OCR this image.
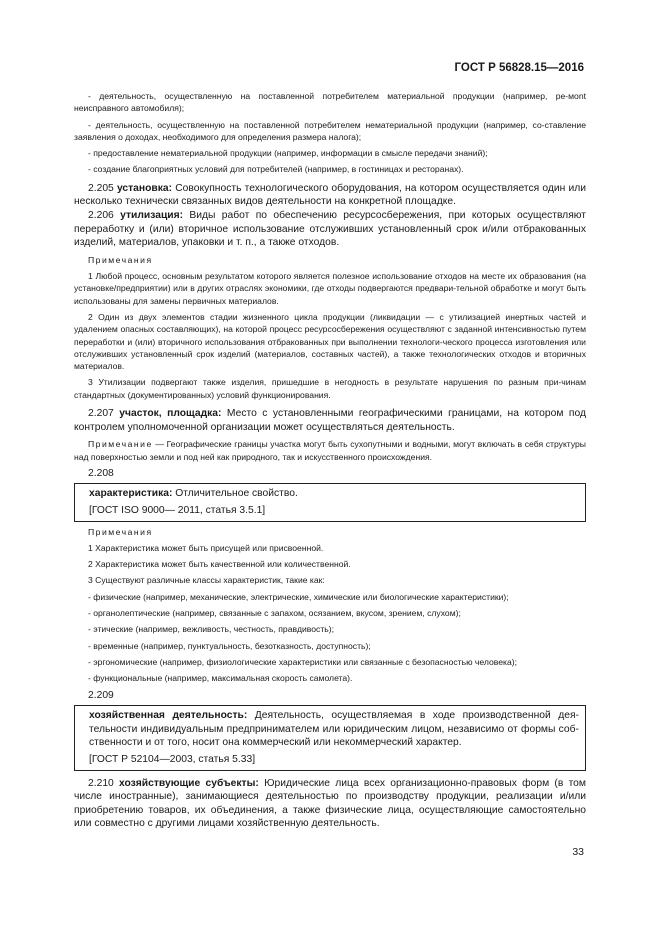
ГОСТ Р 56828.15—2016

- деятельность, осуществленную на поставленной потребителем материальной продукции (например, ре-мont неисправного автомобиля);

- деятельность, осуществленную на поставленной потребителем нематериальной продукции (например, со-ставление заявления о доходах, необходимого для определения размера налога);

- предоставление нематериальной продукции (например, информации в смысле передачи знаний);

- создание благоприятных условий для потребителей (например, в гостиницах и ресторанах).

2.205 установка: Совокупность технологического оборудования, на котором осуществляется один или несколько технически связанных видов деятельности на конкретной площадке.

2.206 утилизация: Виды работ по обеспечению ресурсосбережения, при которых осуществляют переработку и (или) вторичное использование отслуживших установленный срок и/или отбракованных изделий, материалов, упаковки и т. п., а также отходов.

Примечания

1 Любой процесс, основным результатом которого является полезное использование отходов на месте их образования (на установке/предприятии) или в других отраслях экономики, где отходы подвергаются предвари-тельной обработке и могут быть использованы для замены первичных материалов.

2 Один из двух элементов стадии жизненного цикла продукции (ликвидации — с утилизацией инертных частей и удалением опасных составляющих), на которой процесс ресурсосбережения осуществляют с заданной интенсивностью путем переработки и (или) вторичного использования отбракованных при выполнении технологи-ческого процесса изготовления или отслуживших установленный срок изделий (материалов, составных частей), а также технологических отходов и вторичных материалов.

3 Утилизации подвергают также изделия, пришедшие в негодность в результате нарушения по разным при-чинам стандартных (документированных) условий функционирования.

2.207 участок, площадка: Место с установленными географическими границами, на котором под контролем уполномоченной организации может осуществляться деятельность.

Примечание — Географические границы участка могут быть сухопутными и водными, могут включать в себя структуры над поверхностью земли и под ней как природного, так и искусственного происхождения.

2.208

характеристика: Отличительное свойство.

[ГОСТ ISO 9000— 2011, статья 3.5.1]

Примечания

1 Характеристика может быть присущей или присвоенной.

2 Характеристика может быть качественной или количественной.

3 Существуют различные классы характеристик, такие как:

- физические (например, механические, электрические, химические или биологические характеристики);

- органолептические (например, связанные с запахом, осязанием, вкусом, зрением, слухом);

- этические (например, вежливость, честность, правдивость);

- временные (например, пунктуальность, безотказность, доступность);

- эргономические (например, физиологические характеристики или связанные с безопасностью человека);

- функциональные (например, максимальная скорость самолета).

2.209

хозяйственная деятельность: Деятельность, осуществляемая в ходе производственной дея-тельности индивидуальным предпринимателем или юридическим лицом, независимо от формы соб-ственности и от того, носит она коммерческий или некоммерческий характер.

[ГОСТ Р 52104—2003, статья 5.33]

2.210 хозяйствующие субъекты: Юридические лица всех организационно-правовых форм (в том числе иностранные), занимающиеся деятельностью по производству продукции, реализации и/или приобретению товаров, их объединения, а также физические лица, осуществляющие самостоятельно или совместно с другими лицами хозяйственную деятельность.

33
